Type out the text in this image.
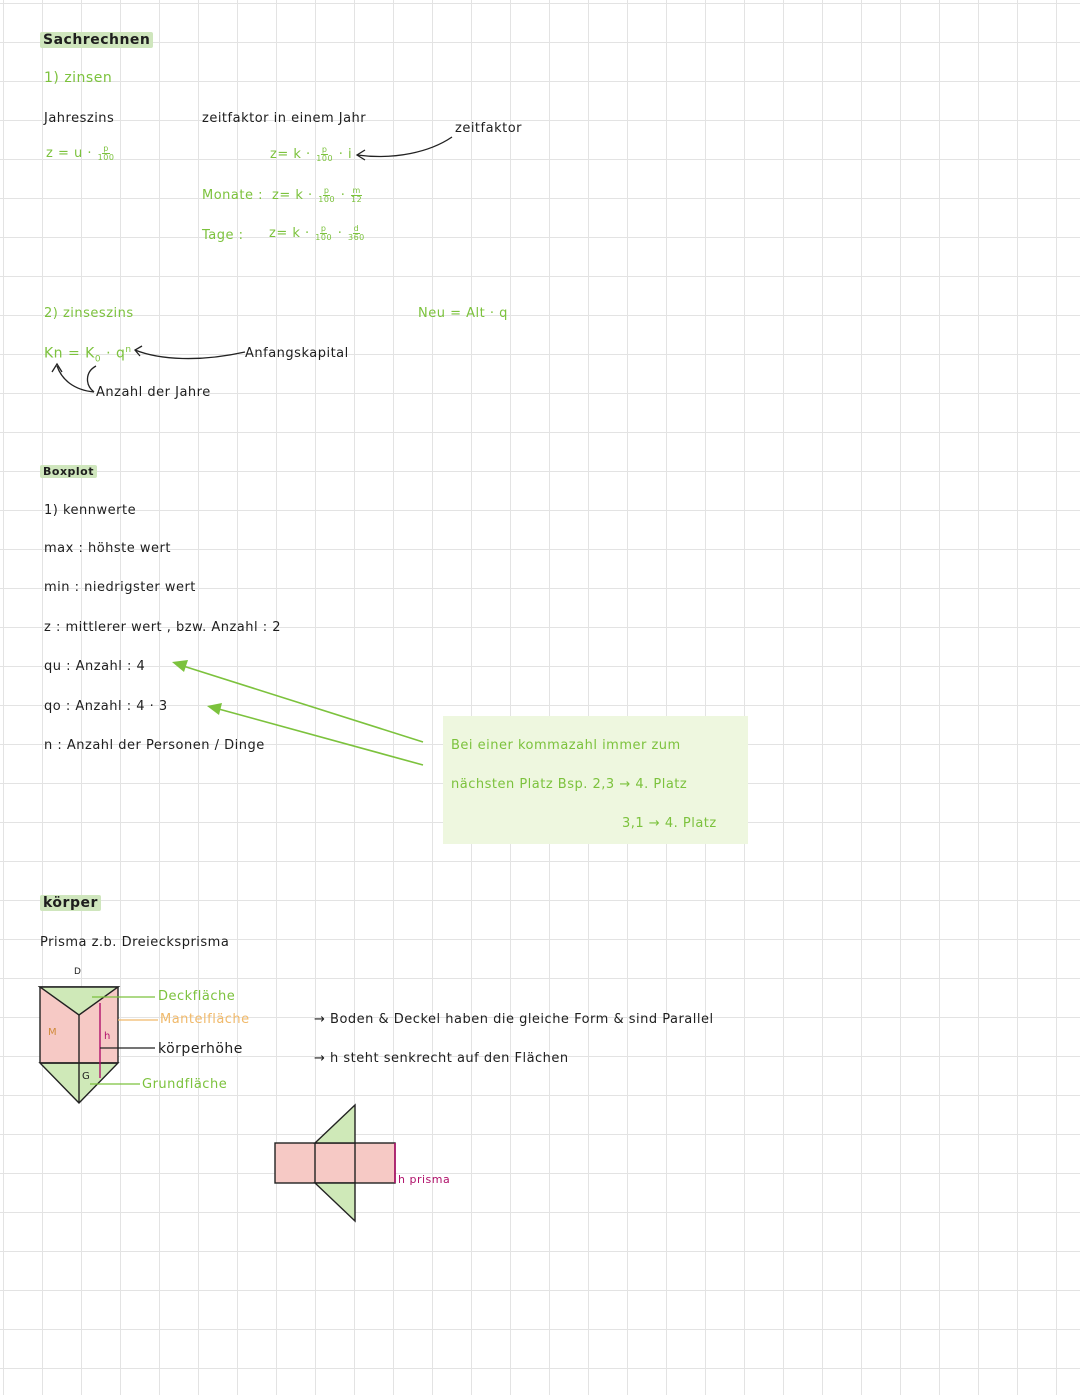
Sachrechnen
1) zinsen
Jahreszins
$z = u \cdot \frac{p}{100}$
zeitfaktor in einem Jahr
$z= k \cdot \frac{p}{100} \cdot i$
zeitfaktor
Monate : $z= k \cdot \frac{p}{100} \cdot \frac{m}{12}$
Tage : $z= k \cdot \frac{p}{100} \cdot \frac{d}{360}$
2) zinseszins	Neu = Alt · q
$Kn = K_0 \cdot q^n$	Anfangskapital
Anzahl der Jahre
Boxplot
1) kennwerte
max : höhste wert
min : niedrigster wert
z : mittlerer wert , bzw. Anzahl : 2
qu : Anzahl : 4
qo : Anzahl : 4 · 3
n : Anzahl der Personen / Dinge	Bei einer kommazahl immer zum
nächsten Platz Bsp. 2,3 → 4. Platz
3,1 → 4. Platz
körper
Prisma z.b. Dreiecksprisma
D
M	h
G
Deckfläche
Mantelfläche
körperhöhe
Grundfläche
→ Boden & Deckel haben die gleiche Form & sind Parallel
→ h steht senkrecht auf den Flächen
h prisma
